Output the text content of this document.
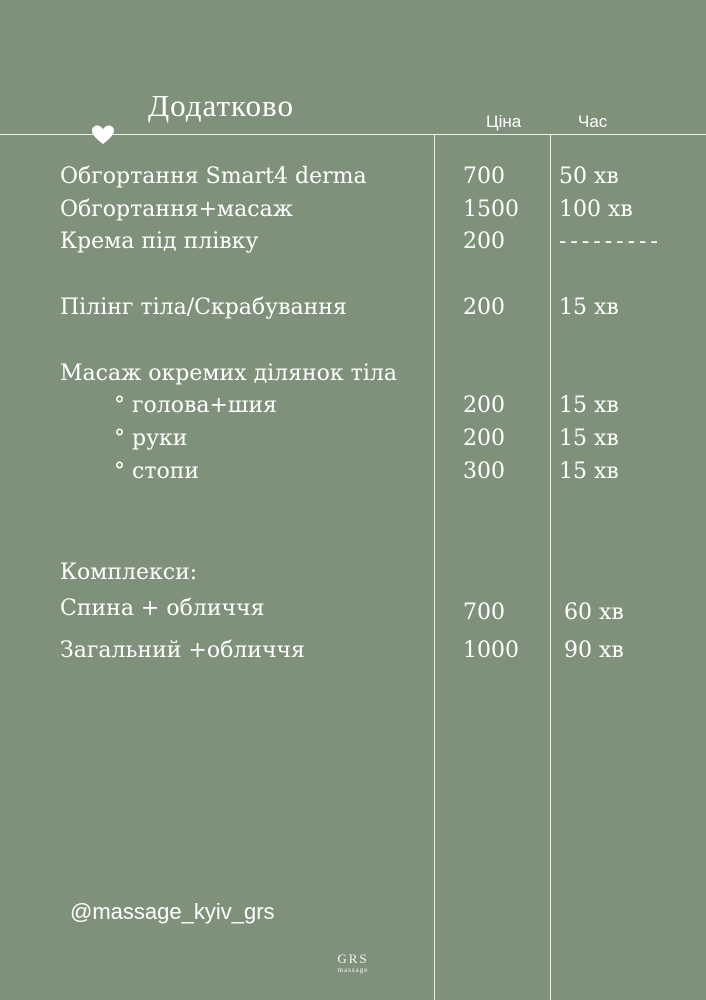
Додатково	Ціна	Час
Обгортання Smart4 derma	700 50 хв
Обгортання+масаж	1500 100 хв
Крема під плівку	200 ---------
Пілінг тіла/Скрабування	200 15 хв
Масаж окремих ділянок тіла
° голова+шия	200 15 хв
° руки	200 15 хв
° стопи	300 15 хв
Комплекси:
Спина + обличчя	700	60 хв
Загальний +обличчя	1000 90 хв
@massage_kyiv_grs
GRS
massage
